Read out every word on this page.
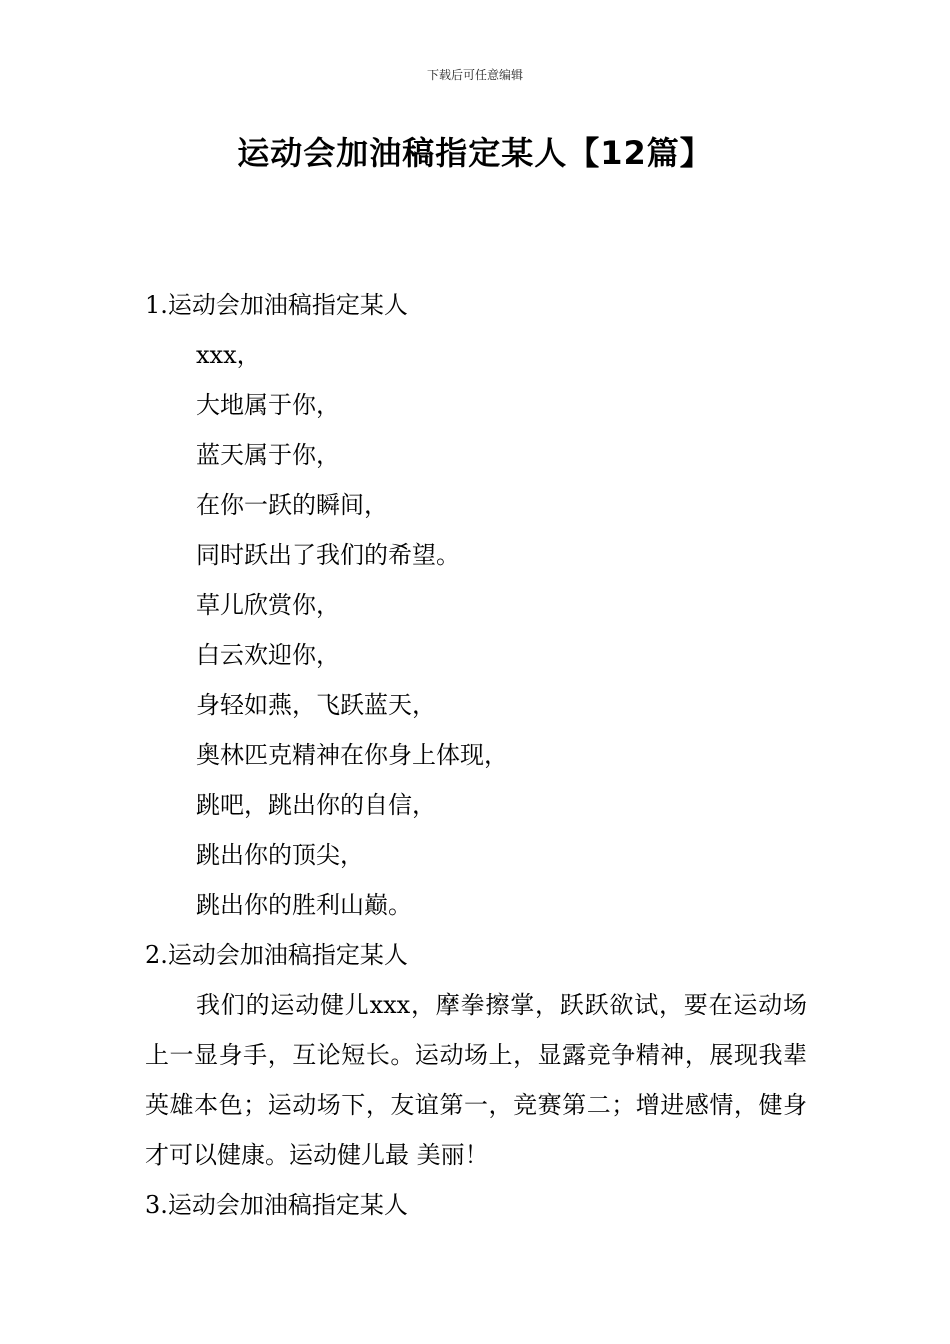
下载后可任意编辑
运动会加油稿指定某人【12篇】

1.运动会加油稿指定某人

xxx，

大地属于你，

蓝天属于你，

在你一跃的瞬间，

同时跃出了我们的希望。

草儿欣赏你，

白云欢迎你，

身轻如燕，飞跃蓝天，

奥林匹克精神在你身上体现，

跳吧，跳出你的自信，

跳出你的顶尖，

跳出你的胜利山巅。

2.运动会加油稿指定某人

我们的运动健儿xxx，摩拳擦掌，跃跃欲试，要在运动场上一显身手，互论短长。运动场上，显露竞争精神，展现我辈英雄本色；运动场下，友谊第一，竞赛第二；增进感情，健身才可以健康。运动健儿最 美丽！

3.运动会加油稿指定某人
